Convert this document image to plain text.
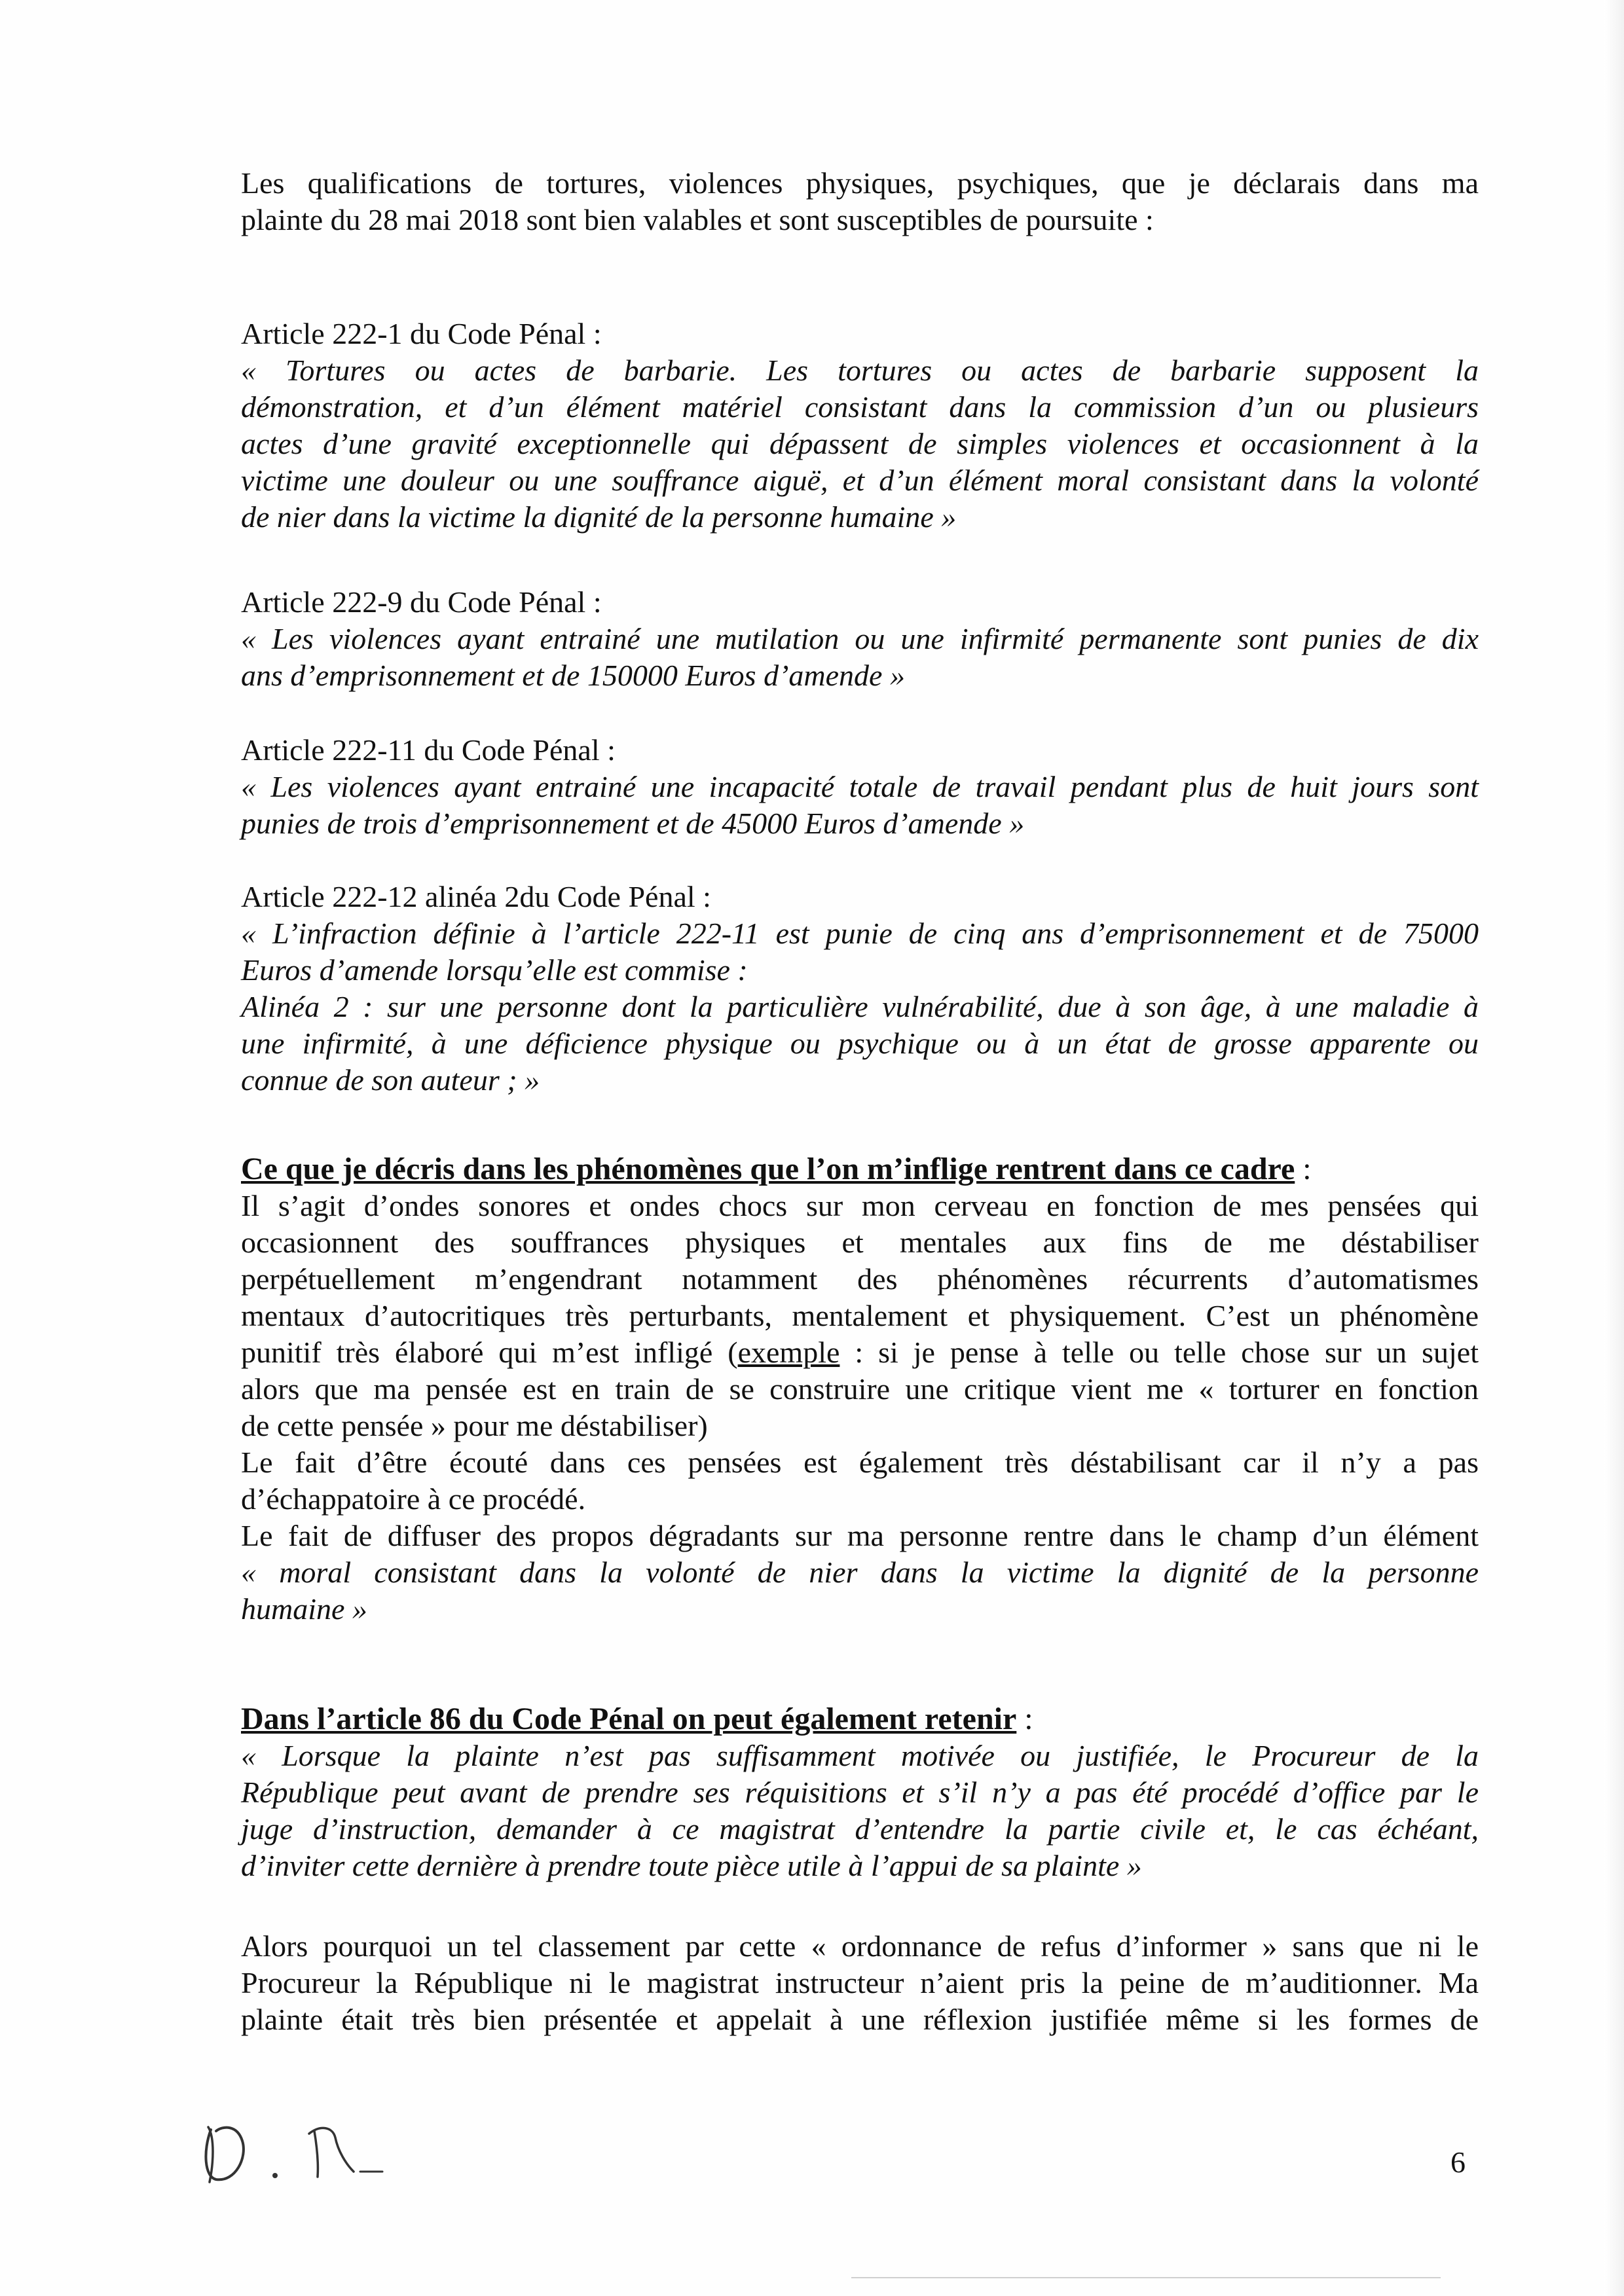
Les qualifications de tortures, violences physiques, psychiques, que je déclarais dans ma

plainte du 28 mai 2018 sont bien valables et sont susceptibles de poursuite :

Article 222-1 du Code Pénal :

« Tortures ou actes de barbarie. Les tortures ou actes de barbarie supposent la

démonstration, et d’un élément matériel consistant dans la commission d’un ou plusieurs

actes d’une gravité exceptionnelle qui dépassent de simples violences et occasionnent à la

victime une douleur ou une souffrance aiguë, et d’un élément moral consistant dans la volonté

de nier dans la victime la dignité de la personne humaine »

Article 222-9 du Code Pénal :

« Les violences ayant entrainé une mutilation ou une infirmité permanente sont punies de dix

ans d’emprisonnement et de 150000 Euros d’amende »

Article 222-11 du Code Pénal :

« Les violences ayant entrainé une incapacité totale de travail pendant plus de huit jours sont

punies de trois d’emprisonnement et de 45000 Euros d’amende »

Article 222-12 alinéa 2du Code Pénal :

« L’infraction définie à l’article 222-11 est punie de cinq ans d’emprisonnement et de 75000

Euros d’amende lorsqu’elle est commise :

Alinéa 2 : sur une personne dont la particulière vulnérabilité, due à son âge, à une maladie à

une infirmité, à une déficience physique ou psychique ou à un état de grosse apparente ou

connue de son auteur ; »

Ce que je décris dans les phénomènes que l’on m’inflige rentrent dans ce cadre :

Il s’agit d’ondes sonores et ondes chocs sur mon cerveau en fonction de mes pensées qui

occasionnent des souffrances physiques et mentales aux fins de me déstabiliser

perpétuellement m’engendrant notamment des phénomènes récurrents d’automatismes

mentaux d’autocritiques très perturbants, mentalement et physiquement. C’est un phénomène

punitif très élaboré qui m’est infligé (exemple : si je pense à telle ou telle chose sur un sujet

alors que ma pensée est en train de se construire une critique vient me « torturer en fonction

de cette pensée » pour me déstabiliser)

Le fait d’être écouté dans ces pensées est également très déstabilisant car il n’y a pas

d’échappatoire à ce procédé.

Le fait de diffuser des propos dégradants sur ma personne rentre dans le champ d’un élément

« moral consistant dans la volonté de nier dans la victime la dignité de la personne

humaine »

Dans l’article 86 du Code Pénal on peut également retenir :

« Lorsque la plainte n’est pas suffisamment motivée ou justifiée, le Procureur de la

République peut avant de prendre ses réquisitions et s’il n’y a pas été procédé d’office par le

juge d’instruction, demander à ce magistrat d’entendre la partie civile et, le cas échéant,

d’inviter cette dernière à prendre toute pièce utile à l’appui de sa plainte »

Alors pourquoi un tel classement par cette « ordonnance de refus d’informer » sans que ni le

Procureur la République ni le magistrat instructeur n’aient pris la peine de m’auditionner. Ma

plainte était très bien présentée et appelait à une réflexion justifiée même si les formes de

6
